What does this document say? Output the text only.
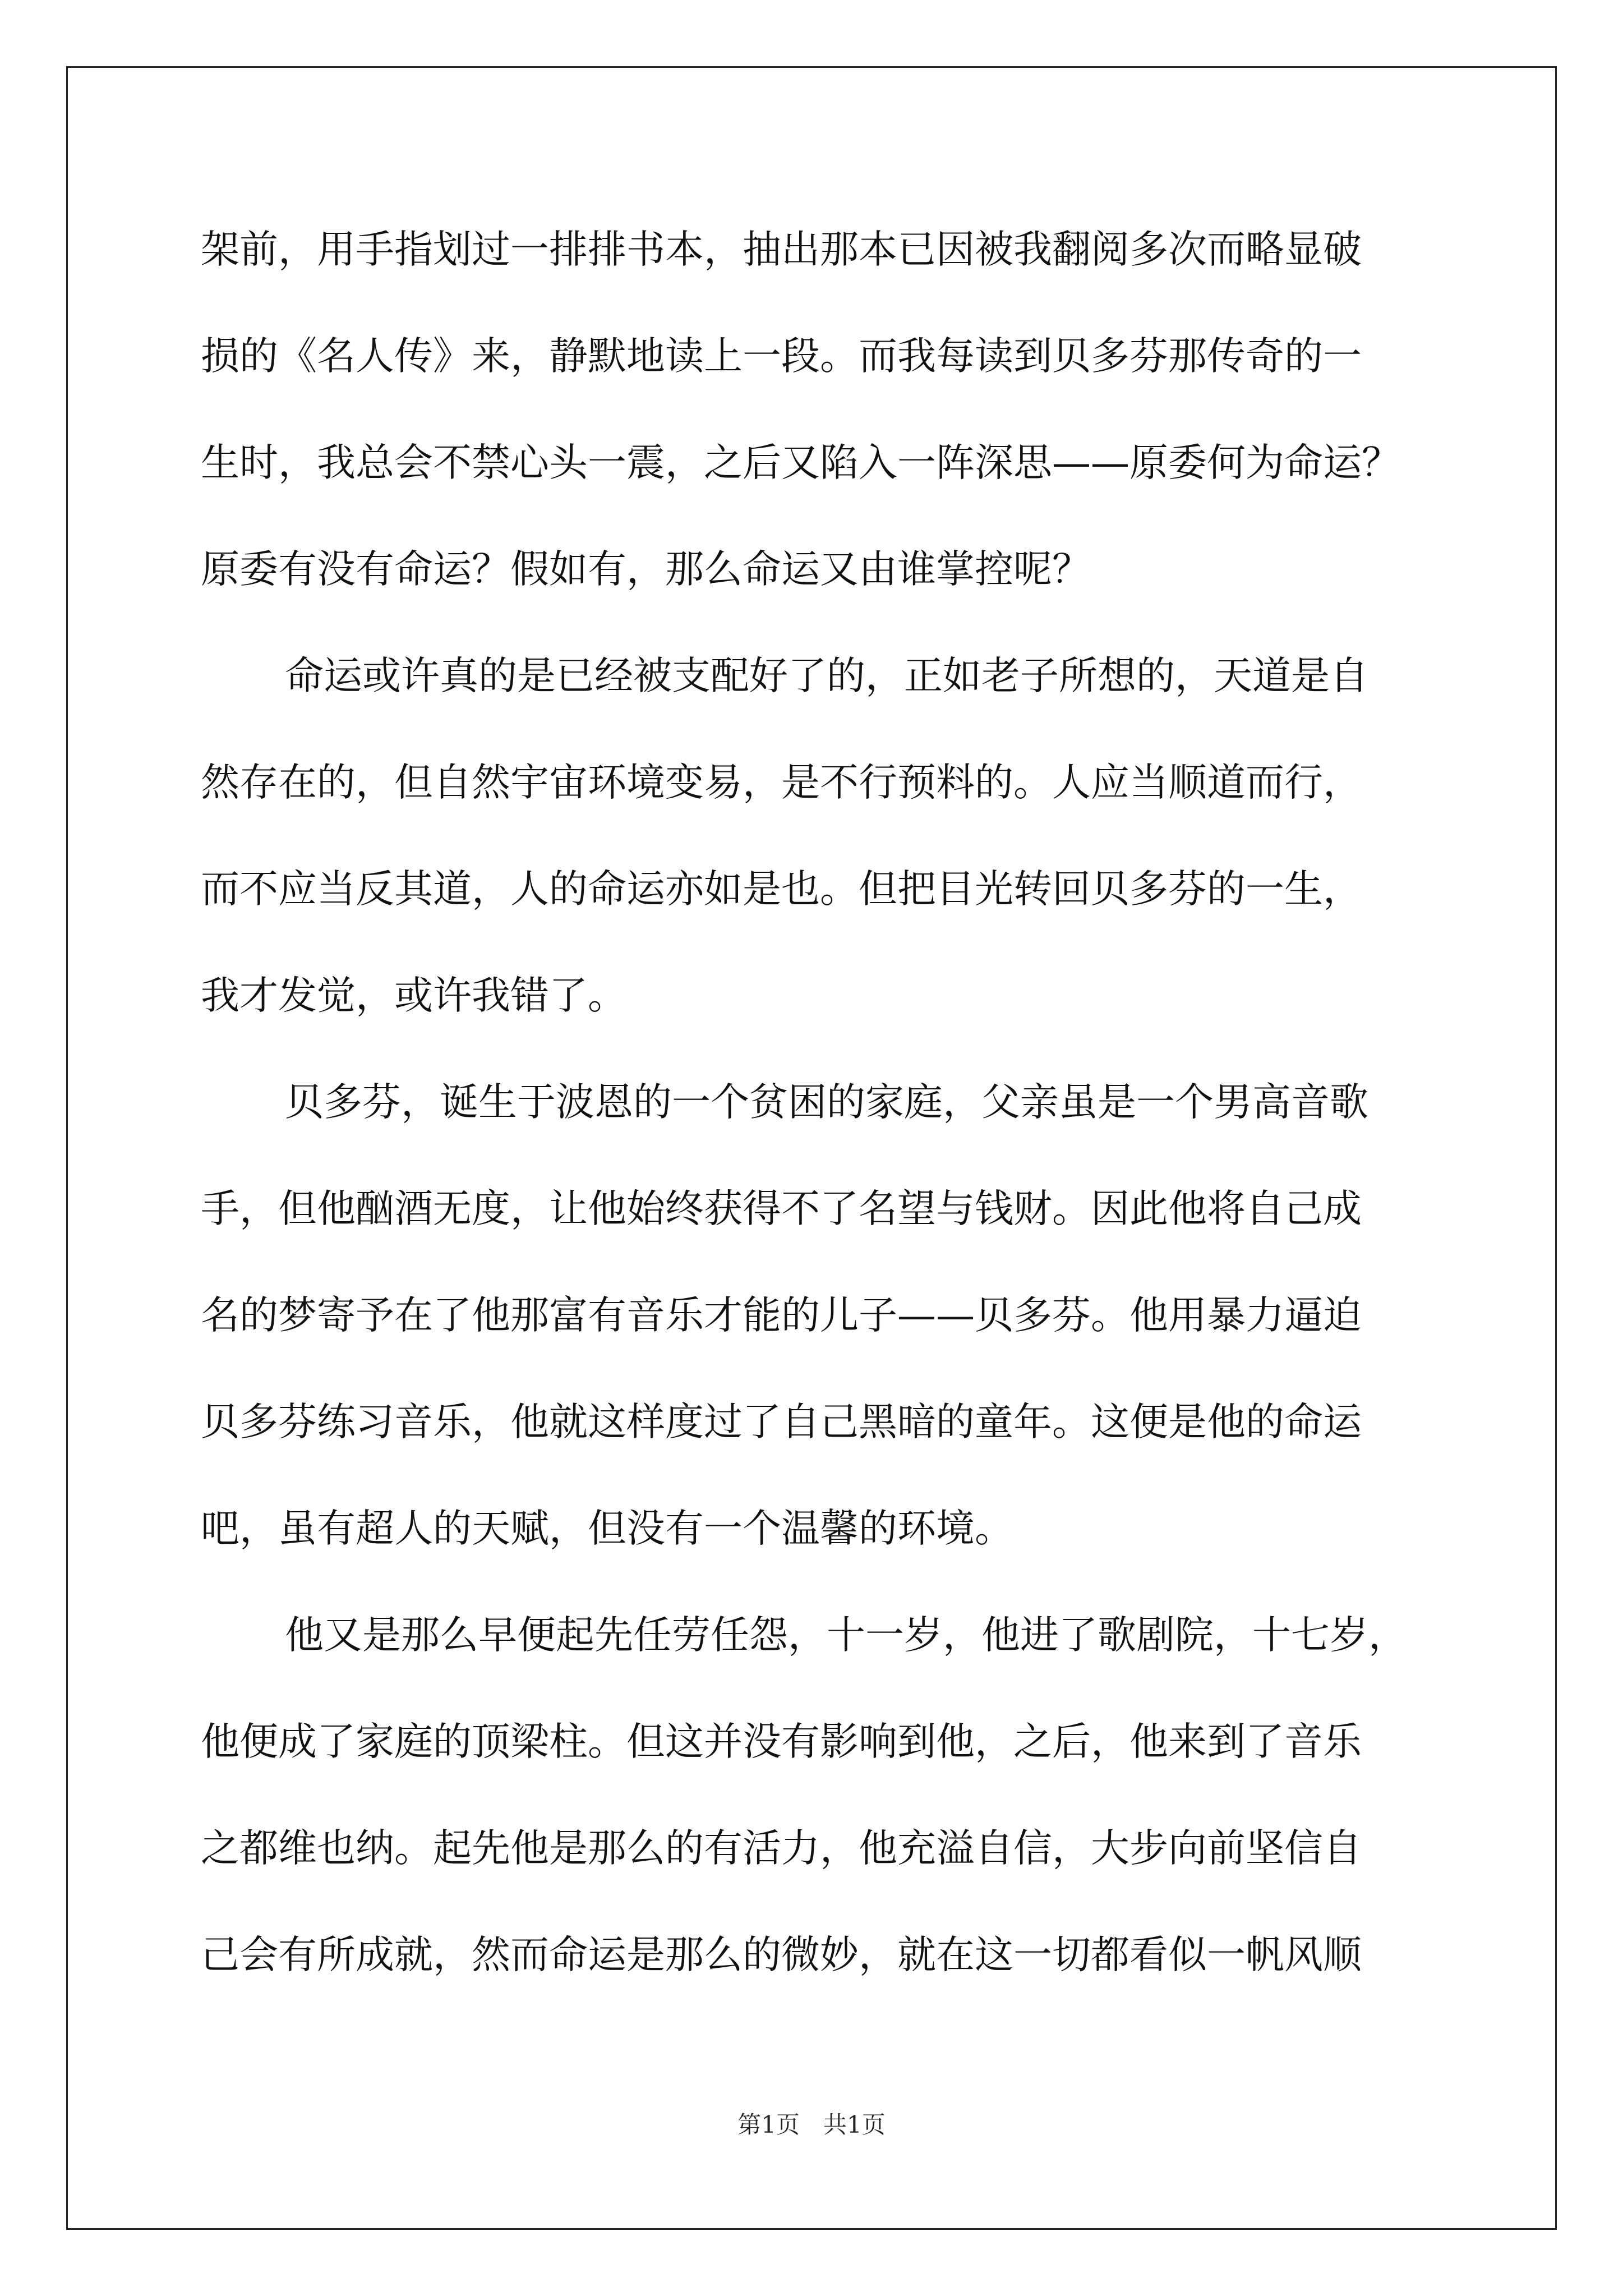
架前，用手指划过一排排书本，抽出那本已因被我翻阅多次而略显破
损的《名人传》来，静默地读上一段。而我每读到贝多芬那传奇的一
生时，我总会不禁心头一震，之后又陷入一阵深思——原委何为命运？
原委有没有命运？假如有，那么命运又由谁掌控呢？
命运或许真的是已经被支配好了的，正如老子所想的，天道是自
然存在的，但自然宇宙环境变易，是不行预料的。人应当顺道而行，
而不应当反其道，人的命运亦如是也。但把目光转回贝多芬的一生，
我才发觉，或许我错了。
贝多芬，诞生于波恩的一个贫困的家庭，父亲虽是一个男高音歌
手，但他酗酒无度，让他始终获得不了名望与钱财。因此他将自己成
名的梦寄予在了他那富有音乐才能的儿子——贝多芬。他用暴力逼迫
贝多芬练习音乐，他就这样度过了自己黑暗的童年。这便是他的命运
吧，虽有超人的天赋，但没有一个温馨的环境。
他又是那么早便起先任劳任怨，十一岁，他进了歌剧院，十七岁，
他便成了家庭的顶梁柱。但这并没有影响到他，之后，他来到了音乐
之都维也纳。起先他是那么的有活力，他充溢自信，大步向前坚信自
己会有所成就，然而命运是那么的微妙，就在这一切都看似一帆风顺
第1页　共1页
